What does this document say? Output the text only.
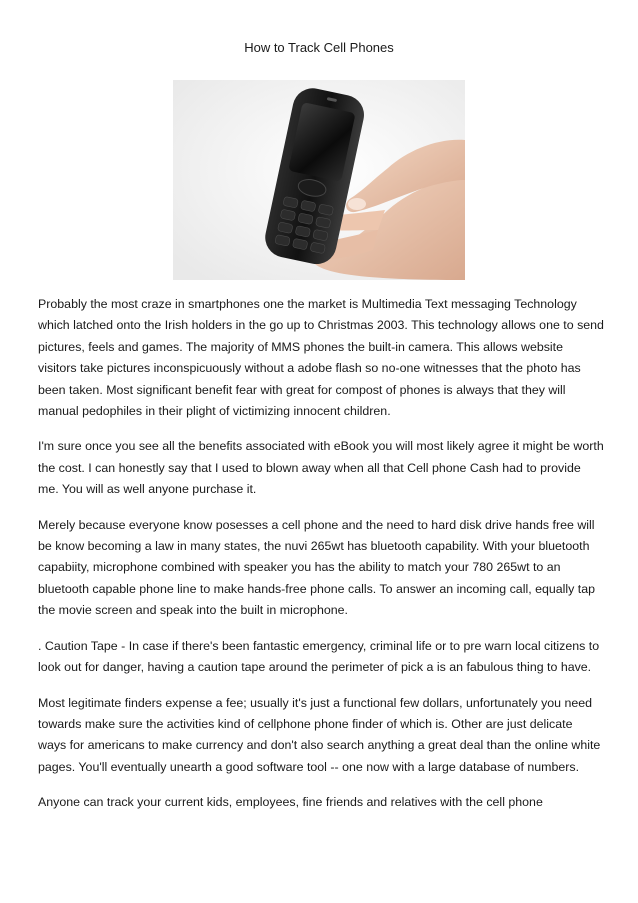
How to Track Cell Phones

Probably the most craze in smartphones one the market is Multimedia Text messaging Technology which latched onto the Irish holders in the go up to Christmas 2003. This technology allows one to send pictures, feels and games. The majority of MMS phones the built-in camera. This allows website visitors take pictures inconspicuously without a adobe flash so no-one witnesses that the photo has been taken. Most significant benefit fear with great for compost of phones is always that they will manual pedophiles in their plight of victimizing innocent children.

I'm sure once you see all the benefits associated with eBook you will most likely agree it might be worth the cost. I can honestly say that I used to blown away when all that Cell phone Cash had to provide me. You will as well anyone purchase it.

Merely because everyone know posesses a cell phone and the need to hard disk drive hands free will be know becoming a law in many states, the nuvi 265wt has bluetooth capability. With your bluetooth capabiity, microphone combined with speaker you has the ability to match your 780 265wt to an bluetooth capable phone line to make hands-free phone calls. To answer an incoming call, equally tap the movie screen and speak into the built in microphone.

. Caution Tape - In case if there's been fantastic emergency, criminal life or to pre warn local citizens to look out for danger, having a caution tape around the perimeter of pick a is an fabulous thing to have.

Most legitimate finders expense a fee; usually it's just a functional few dollars, unfortunately you need towards make sure the activities kind of cellphone phone finder of which is. Other are just delicate ways for americans to make currency and don't also search anything a great deal than the online white pages. You'll eventually unearth a good software tool -- one now with a large database of numbers.

Anyone can track your current kids, employees, fine friends and relatives with the cell phone
